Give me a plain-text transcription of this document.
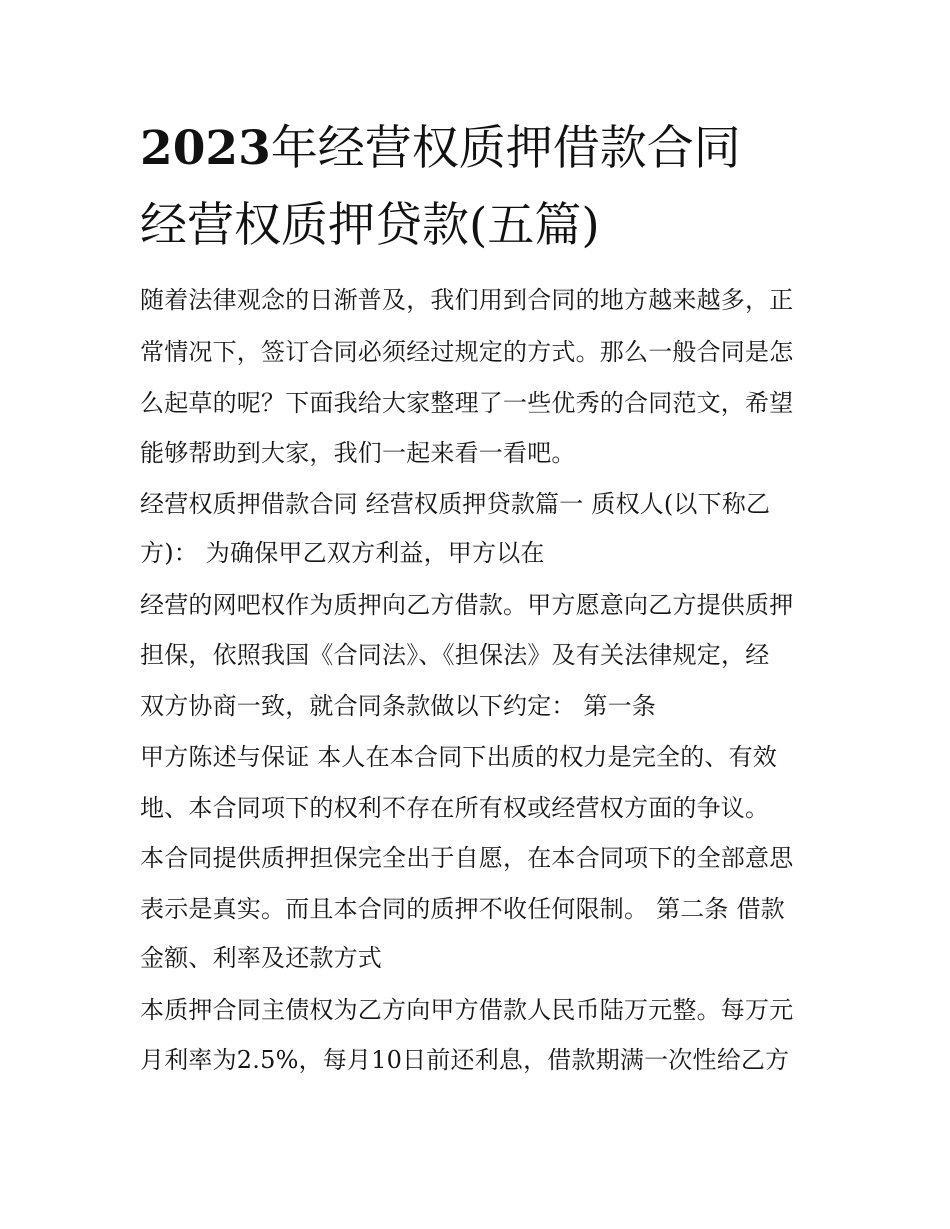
2023年经营权质押借款合同
经营权质押贷款(五篇)
随着法律观念的日渐普及，我们用到合同的地方越来越多，正
常情况下，签订合同必须经过规定的方式。那么一般合同是怎
么起草的呢？下面我给大家整理了一些优秀的合同范文，希望
能够帮助到大家，我们一起来看一看吧。
经营权质押借款合同 经营权质押贷款篇一 质权人(以下称乙
方)： 为确保甲乙双方利益，甲方以在
经营的网吧权作为质押向乙方借款。甲方愿意向乙方提供质押
担保，依照我国《合同法》、《担保法》及有关法律规定，经
双方协商一致，就合同条款做以下约定： 第一条
甲方陈述与保证 本人在本合同下出质的权力是完全的、有效
地、本合同项下的权利不存在所有权或经营权方面的争议。
本合同提供质押担保完全出于自愿，在本合同项下的全部意思
表示是真实。而且本合同的质押不收任何限制。 第二条 借款
金额、利率及还款方式
本质押合同主债权为乙方向甲方借款人民币陆万元整。每万元
月利率为2.5%，每月10日前还利息，借款期满一次性给乙方
